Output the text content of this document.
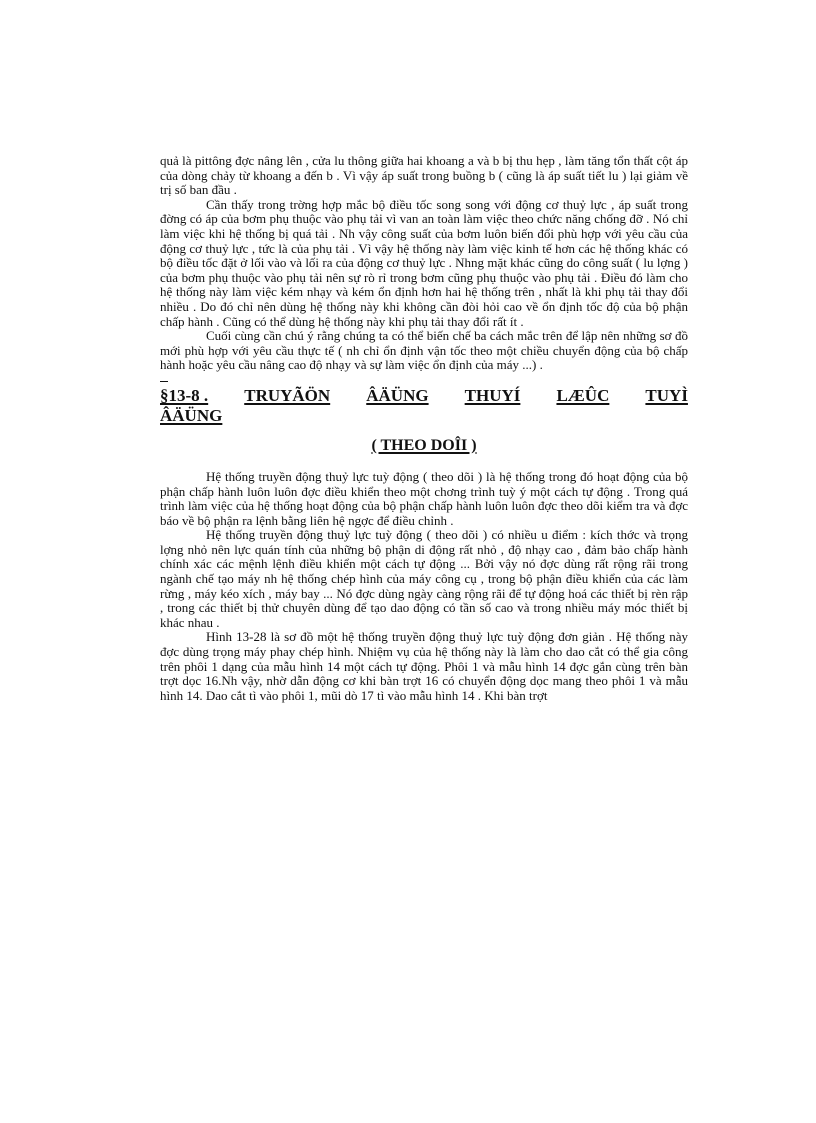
quả là pittông đợc nâng lên , cửa lu thông giữa hai khoang a và b bị thu hẹp , làm tăng tổn thất cột áp của dòng chảy từ khoang a đến b . Vì vậy áp suất trong buồng b ( cũng là áp suất tiết lu ) lại giảm về trị số ban đầu .

Cần thấy trong trờng hợp mắc bộ điều tốc song song với động cơ thuỷ lực , áp suất trong đờng có áp của bơm phụ thuộc vào phụ tải vì van an toàn làm việc theo chức năng chống đỡ . Nó chỉ làm việc khi hệ thống bị quá tải . Nh vậy công suất của bơm luôn biến đổi phù hợp với yêu cầu của động cơ thuỷ lực , tức là của phụ tải . Vì vậy hệ thống này làm việc kinh tế hơn các hệ thống khác có bộ điều tốc đặt ở lối vào và lối ra của động cơ thuỷ lực . Nhng mặt khác cũng do công suất ( lu lợng ) của bơm phụ thuộc vào phụ tải nên sự rò rỉ trong bơm cũng phụ thuộc vào phụ tải . Điều đó làm cho hệ thống này làm việc kém nhạy và kém ổn định hơn hai hệ thống trên , nhất là khi phụ tải thay đổi nhiều . Do đó chỉ nên dùng hệ thống này khi không cần đòi hỏi cao về ổn định tốc độ của bộ phận chấp hành . Cũng có thể dùng hệ thống này khi phụ tải thay đổi rất ít .

Cuối cùng cần chú ý rằng chúng ta có thể biến chế ba cách mắc trên để lập nên những sơ đồ mới phù hợp với yêu cầu thực tế ( nh chỉ ổn định vận tốc theo một chiều chuyển động của bộ chấp hành hoặc yêu cầu nâng cao độ nhạy và sự làm việc ổn định của máy ...) .

§13-8 . TRUYÃÖN ÂÄÜNG THUYÍ LÆÛC TUYÌ
ÂÄÜNG
( THEO DOÎI )

Hệ thống truyền động thuỷ lực tuỳ động ( theo dõi ) là hệ thống trong đó hoạt động của bộ phận chấp hành luôn luôn đợc điều khiển theo một chơng trình tuỳ ý một cách tự động . Trong quá trình làm việc của hệ thống hoạt động của bộ phận chấp hành luôn luôn đợc theo dõi kiểm tra và đợc báo về bộ phận ra lệnh bằng liên hệ ngợc để điều chỉnh .

Hệ thống truyền động thuỷ lực tuỳ động ( theo dõi ) có nhiều u điểm : kích thớc và trọng lợng nhỏ nên lực quán tính của những bộ phận di động rất nhỏ , độ nhạy cao , đảm bảo chấp hành chính xác các mệnh lệnh điều khiển một cách tự động ... Bởi vậy nó đợc dùng rất rộng rãi trong ngành chế tạo máy nh hệ thống chép hình của máy công cụ , trong bộ phận điều khiển của các làm rừng , máy kéo xích , máy bay ... Nó đợc dùng ngày càng rộng rãi để tự động hoá các thiết bị rèn rập , trong các thiết bị thử chuyên dùng để tạo dao động có tần số cao và trong nhiều máy móc thiết bị khác nhau .

Hình 13-28 là sơ đồ một hệ thống truyền động thuỷ lực tuỳ động đơn giản . Hệ thống này đợc dùng trọng máy phay chép hình. Nhiệm vụ của hệ thống này là làm cho dao cắt có thể gia công trên phôi 1 dạng của mẫu hình 14 một cách tự động. Phôi 1 và mẫu hình 14 đợc gắn cùng trên bàn trợt dọc 16.Nh vậy, nhờ dẫn động cơ khi bàn trợt 16 có chuyển động dọc mang theo phôi 1 và mẫu hình 14. Dao cắt tì vào phôi 1, mũi dò 17 tì vào mẫu hình 14 . Khi bàn trợt
